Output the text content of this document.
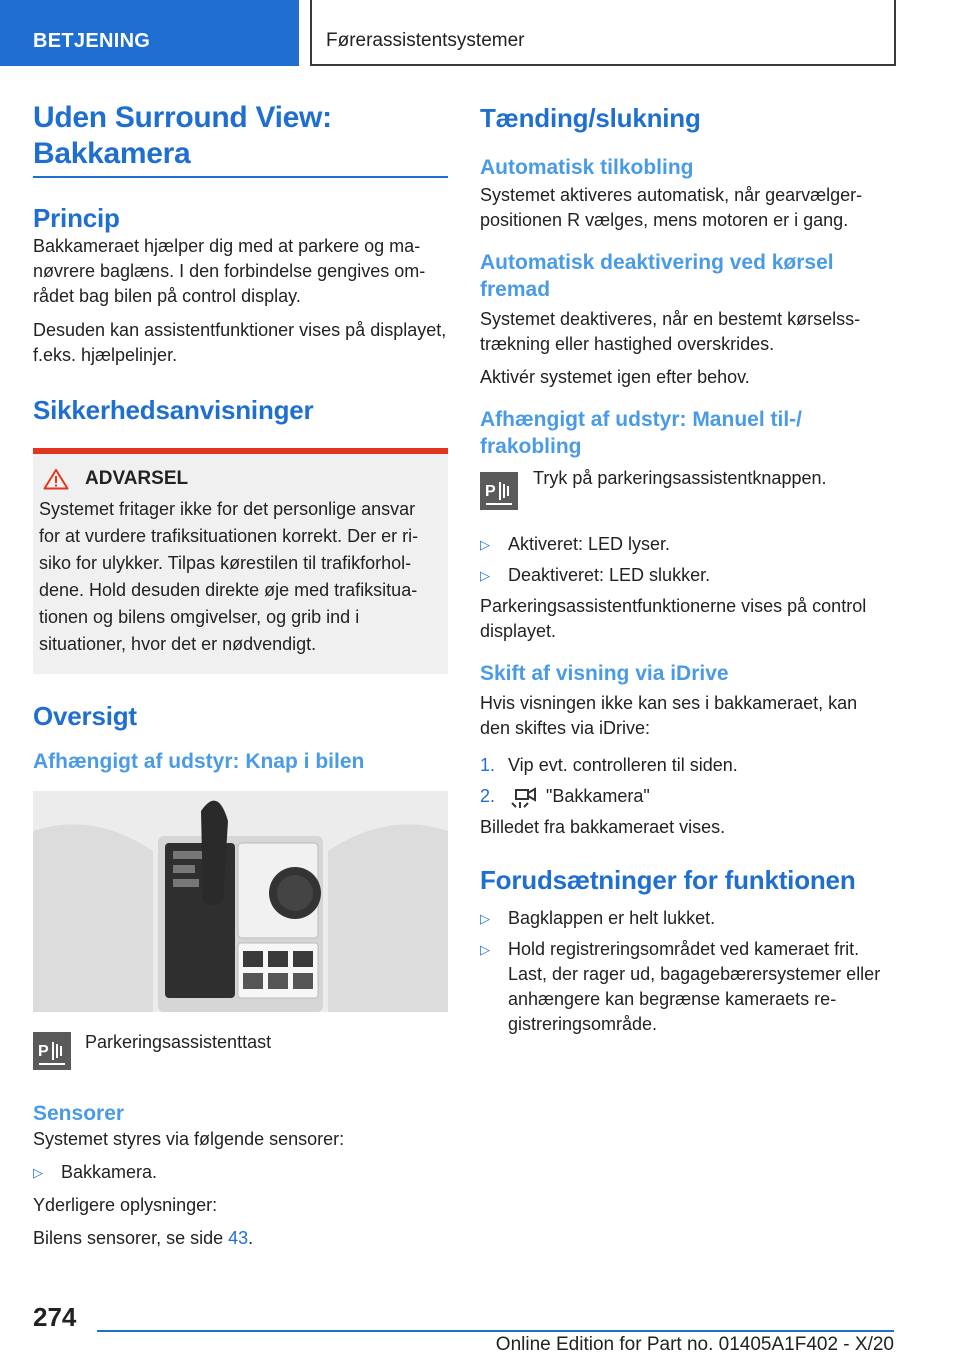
BETJENING	Førerassistentsystemer
Uden Surround View: Bakkamera
Princip

Bakkameraet hjælper dig med at parkere og manøvrere baglæns. I den forbindelse gengives området bag bilen på control display.

Desuden kan assistentfunktioner vises på displayet, f.eks. hjælpelinjer.

Sikkerhedsanvisninger
ADVARSEL

Systemet fritager ikke for det personlige ansvar for at vurdere trafiksituationen korrekt. Der er risiko for ulykker. Tilpas kørestilen til trafikforholdene. Hold desuden direkte øje med trafiksituationen og bilens omgivelser, og grib ind i situationer, hvor det er nødvendigt.

Oversigt
Afhængigt af udstyr: Knap i bilen
P Parkeringsassistenttast

Sensorer

Systemet styres via følgende sensorer:

▷	Bakkamera.

Yderligere oplysninger:

Bilens sensorer, se side 43.

Tænding/slukning
Automatisk tilkobling

Systemet aktiveres automatisk, når gearvælgerpositionen R vælges, mens motoren er i gang.

Automatisk deaktivering ved kørsel fremad

Systemet deaktiveres, når en bestemt kørselsstrækning eller hastighed overskrides.

Aktivér systemet igen efter behov.

Afhængigt af udstyr: Manuel til-/ frakobling
P

Tryk på parkeringsassistentknappen.

▷	Aktiveret: LED lyser.

▷	Deaktiveret: LED slukker.

Parkeringsassistentfunktionerne vises på control displayet.

Skift af visning via iDrive

Hvis visningen ikke kan ses i bakkameraet, kan den skiftes via iDrive:

1. Vip evt. controlleren til siden.

2.	"Bakkamera"

Billedet fra bakkameraet vises.

Forudsætninger for funktionen
▷	Bagklappen er helt lukket.

▷	Hold registreringsområdet ved kameraet frit. Last, der rager ud, bagagebærersystemer eller anhængere kan begrænse kameraets registreringsområde.

274
Online Edition for Part no. 01405A1F402 - X/20
